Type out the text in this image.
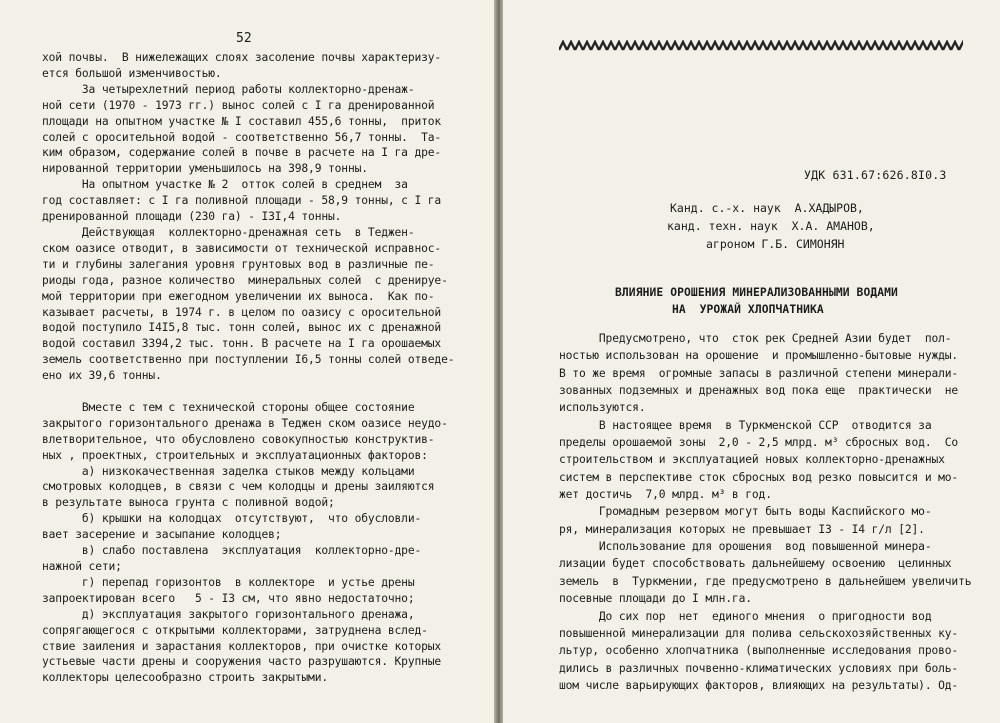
52

хой почвы.  В нижележащих слоях засоление почвы характеризу-

ется большой изменчивостью.

За четырехлетний период работы коллекторно-дренаж-

ной сети (1970 - 1973 гг.) вынос солей с I га дренированной

площади на опытном участке № I составил 455,6 тонны,  приток

солей с оросительной водой - соответственно 56,7 тонны.  Та-

ким образом, содержание солей в почве в расчете на I га дре-

нированной территории уменьшилось на 398,9 тонны.

На опытном участке № 2  отток солей в среднем  за

год составляет: с I га поливной площади - 58,9 тонны, с I га

дренированной площади (230 га) - I3I,4 тонны.

Действующая  коллекторно-дренажная сеть  в Теджен-

ском оазисе отводит, в зависимости от технической исправнос-

ти и глубины залегания уровня грунтовых вод в различные пе-

риоды года, разное количество  минеральных солей  с дренируе-

мой территории при ежегодном увеличении их выноса.  Как по-

казывает расчеты, в 1974 г. в целом по оазису с оросительной

водой поступило I4I5,8 тыс. тонн солей, вынос их с дренажной

водой составил 3394,2 тыс. тонн. В расчете на I га орошаемых

земель соответственно при поступлении I6,5 тонны солей отведе-

ено их 39,6 тонны.

Вместе с тем с технической стороны общее состояние

закрытого горизонтального дренажа в Теджен ском оазисе неудо-

влетворительное, что обусловлено совокупностью конструктив-

ных , проектных, строительных и эксплуатационных факторов:

а) низкокачественная заделка стыков между кольцами

смотровых колодцев, в связи с чем колодцы и дрены заиляются

в результате выноса грунта с поливной водой;

б) крышки на колодцах  отсутствуют,  что обусловли-

вает засерение и засыпание колодцев;

в) слабо поставлена  эксплуатация  коллекторно-дре-

нажной сети;

г) перепад горизонтов  в коллекторе  и устье дрены

запроектирован всего   5 - I3 см, что явно недостаточно;

д) эксплуатация закрытого горизонтального дренажа,

сопрягающегося с открытыми коллекторами, затруднена вслед-

ствие заиления и зарастания коллекторов, при очистке которых

устьевые части дрены и сооружения часто разрушаются. Крупные

коллекторы целесообразно строить закрытыми.

УДК 631.67:626.8I0.3
Канд. с.-х. наук  А.ХАДЫРОВ,
канд. техн. наук  Х.А. АМАНОВ,
агроном Г.Б. СИМОНЯН
ВЛИЯНИЕ ОРОШЕНИЯ МИНЕРАЛИЗОВАННЫМИ ВОДАМИ
НА  УРОЖАЙ ХЛОПЧАТНИКА

Предусмотрено, что  сток рек Средней Азии будет  пол-

ностью использован на орошение  и промышленно-бытовые нужды.

В то же время  огромные запасы в различной степени минерали-

зованных подземных и дренажных вод пока еще  практически  не

используются.

В настоящее время  в Туркменской ССР  отводится за

пределы орошаемой зоны  2,0 - 2,5 млрд. м³ сбросных вод.  Со

строительством и эксплуатацией новых коллекторно-дренажных

систем в перспективе сток сбросных вод резко повысится и мо-

жет достичь  7,0 млрд. м³ в год.

Громадным резервом могут быть воды Каспийского мо-

ря, минерализация которых не превышает I3 - I4 г/л [2].

Использование для орошения  вод повышенной минера-

лизации будет способствовать дальнейшему освоению  целинных

земель  в  Туркмении, где предусмотрено в дальнейшем увеличить

посевные площади до I млн.га.

До сих пор  нет  единого мнения  о пригодности вод

повышенной минерализации для полива сельскохозяйственных ку-

льтур, особенно хлопчатника (выполненные исследования прово-

дились в различных почвенно-климатических условиях при боль-

шом числе варьирующих факторов, влияющих на результаты). Од-
